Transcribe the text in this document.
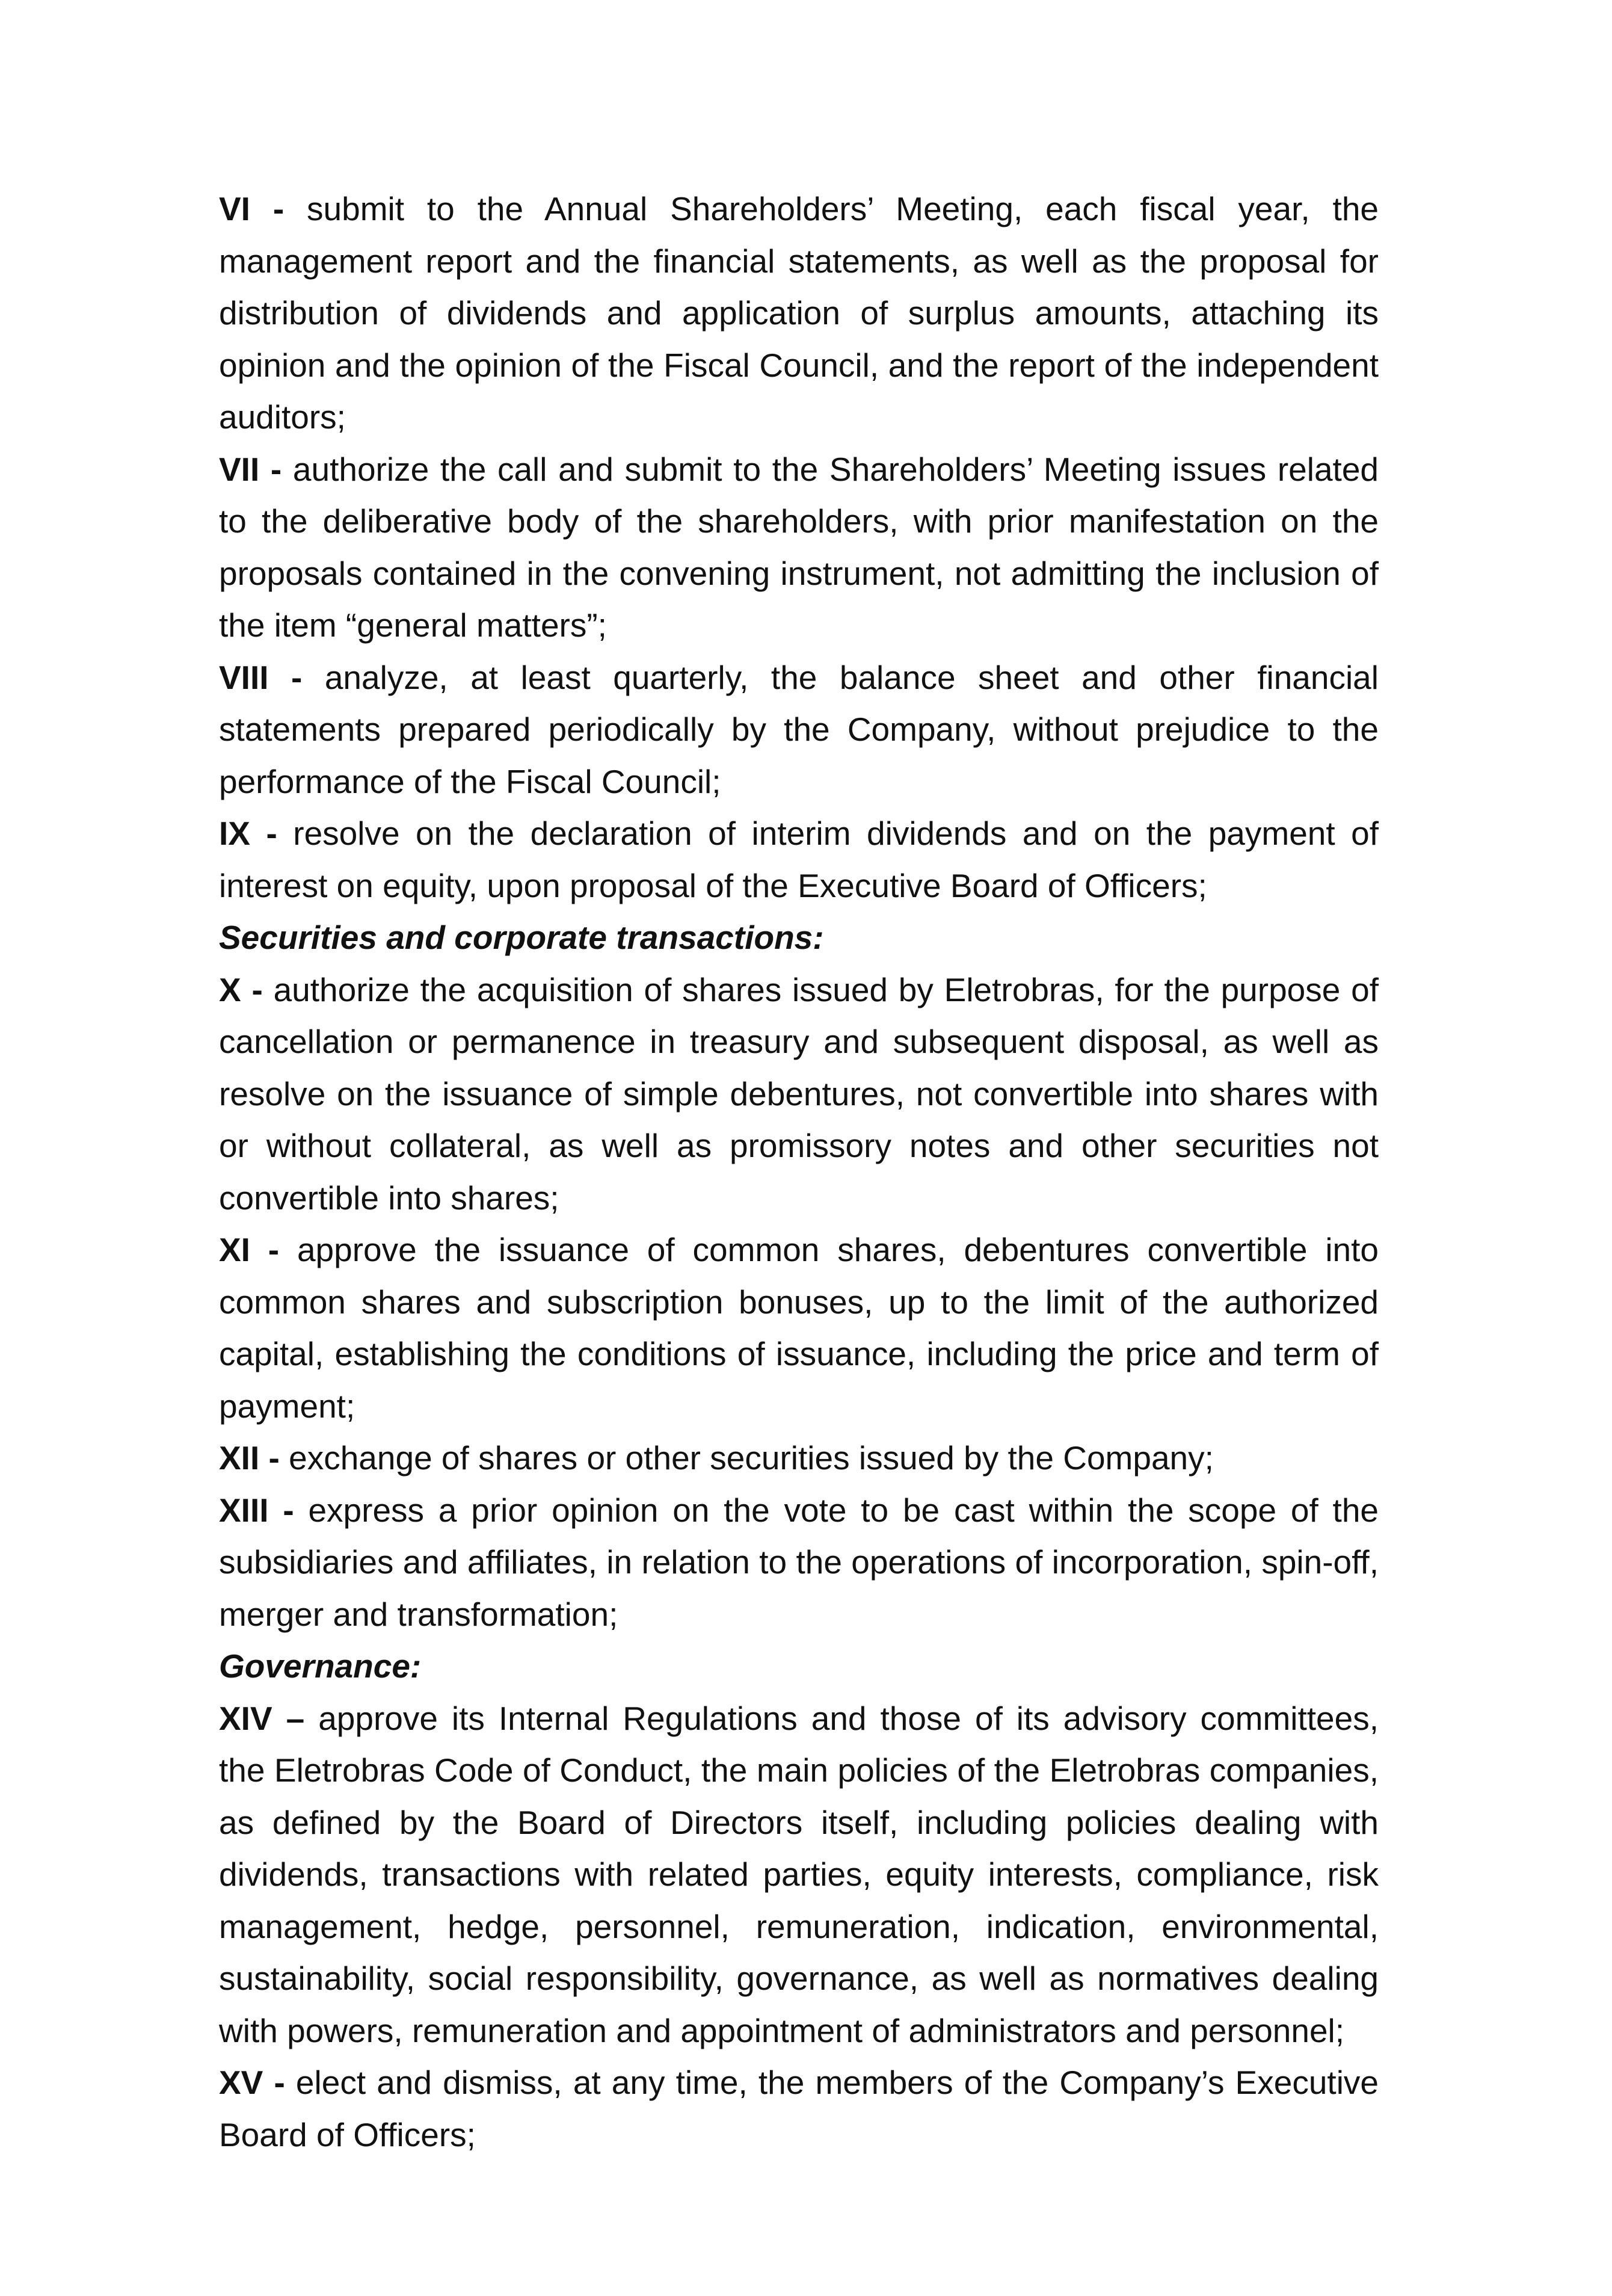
VI - submit to the Annual Shareholders’ Meeting, each fiscal year, the management report and the financial statements, as well as the proposal for distribution of dividends and application of surplus amounts, attaching its opinion and the opinion of the Fiscal Council, and the report of the independent auditors;

VII - authorize the call and submit to the Shareholders’ Meeting issues related to the deliberative body of the shareholders, with prior manifestation on the proposals contained in the convening instrument, not admitting the inclusion of the item “general matters”;

VIII - analyze, at least quarterly, the balance sheet and other financial statements prepared periodically by the Company, without prejudice to the performance of the Fiscal Council;

IX - resolve on the declaration of interim dividends and on the payment of interest on equity, upon proposal of the Executive Board of Officers;

Securities and corporate transactions:

X - authorize the acquisition of shares issued by Eletrobras, for the purpose of cancellation or permanence in treasury and subsequent disposal, as well as resolve on the issuance of simple debentures, not convertible into shares with or without collateral, as well as promissory notes and other securities not convertible into shares;

XI - approve the issuance of common shares, debentures convertible into common shares and subscription bonuses, up to the limit of the authorized capital, establishing the conditions of issuance, including the price and term of payment;

XII - exchange of shares or other securities issued by the Company;

XIII - express a prior opinion on the vote to be cast within the scope of the subsidiaries and affiliates, in relation to the operations of incorporation, spin-off, merger and transformation;

Governance:

XIV – approve its Internal Regulations and those of its advisory committees, the Eletrobras Code of Conduct, the main policies of the Eletrobras companies, as defined by the Board of Directors itself, including policies dealing with dividends, transactions with related parties, equity interests, compliance, risk management, hedge, personnel, remuneration, indication, environmental, sustainability, social responsibility, governance, as well as normatives dealing with powers, remuneration and appointment of administrators and personnel;

XV - elect and dismiss, at any time, the members of the Company’s Executive Board of Officers;
